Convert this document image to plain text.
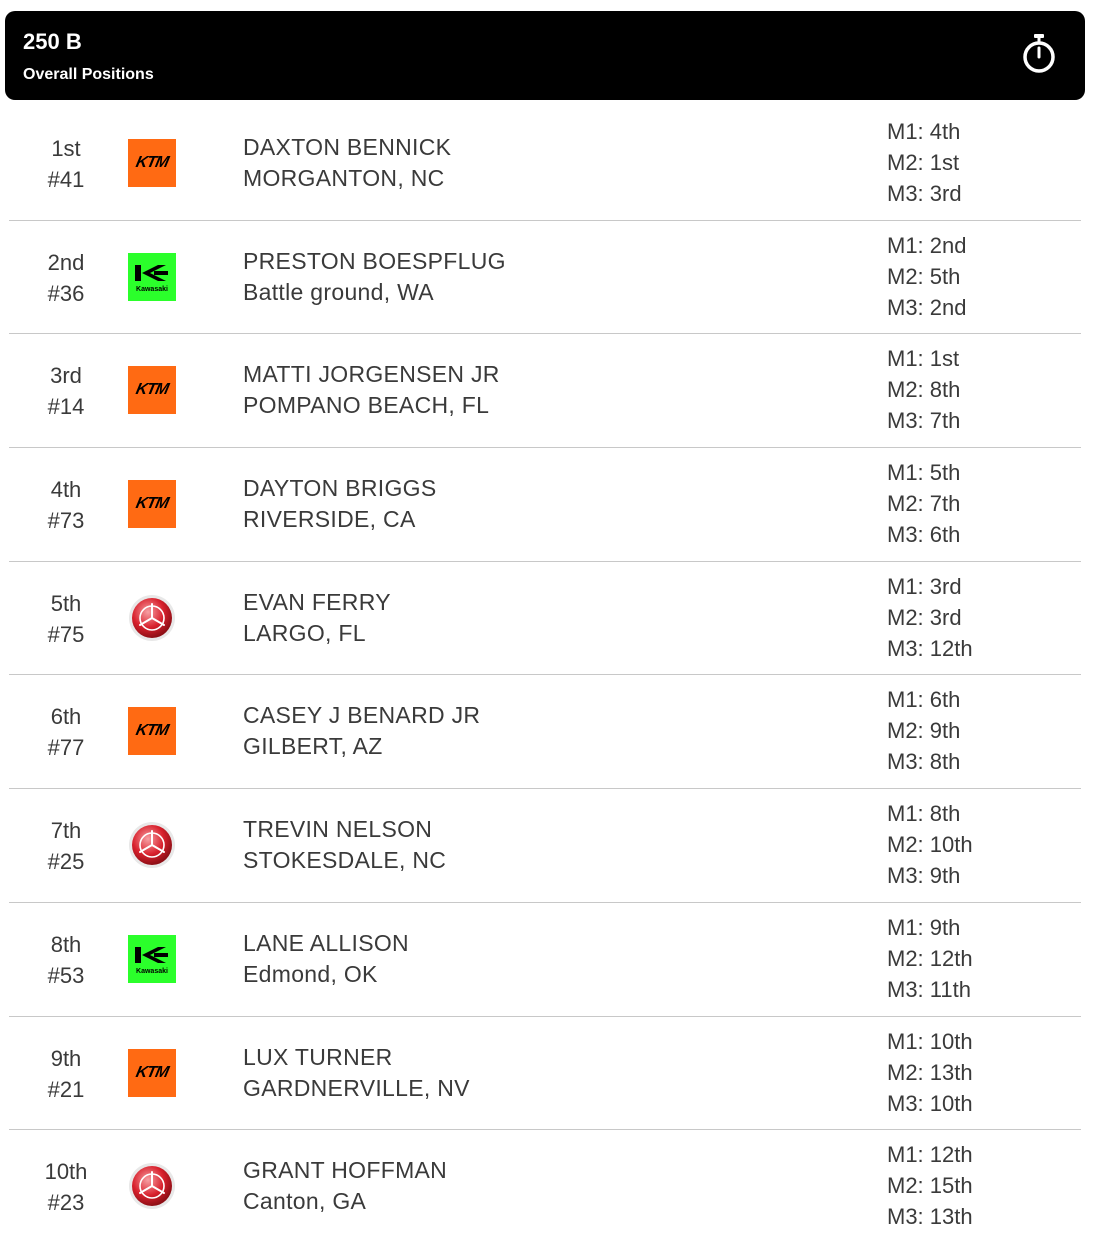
250 B
Overall Positions
1st
#41
KTM
DAXTON BENNICK
MORGANTON, NC
M1: 4th
M2: 1st
M3: 3rd
2nd
#36	Kawasaki
PRESTON BOESPFLUG
Battle ground, WA
M1: 2nd
M2: 5th
M3: 2nd
3rd
#14
KTM
MATTI JORGENSEN JR
POMPANO BEACH, FL
M1: 1st
M2: 8th
M3: 7th
4th
#73
KTM
DAYTON BRIGGS
RIVERSIDE, CA
M1: 5th
M2: 7th
M3: 6th
5th
#75
EVAN FERRY
LARGO, FL
M1: 3rd
M2: 3rd
M3: 12th
6th
#77
KTM
CASEY J BENARD JR
GILBERT, AZ
M1: 6th
M2: 9th
M3: 8th
7th
#25
TREVIN NELSON
STOKESDALE, NC
M1: 8th
M2: 10th
M3: 9th
8th
#53	Kawasaki
LANE ALLISON
Edmond, OK
M1: 9th
M2: 12th
M3: 11th
9th
#21
KTM
LUX TURNER
GARDNERVILLE, NV
M1: 10th
M2: 13th
M3: 10th
10th
#23
GRANT HOFFMAN
Canton, GA
M1: 12th
M2: 15th
M3: 13th
